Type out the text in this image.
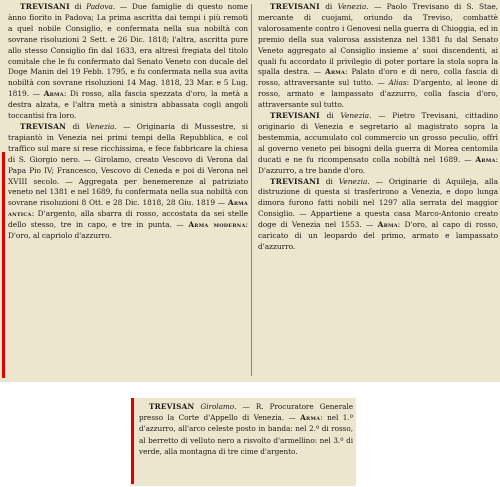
TREVISANI di Padova. — Due famiglie di questo nome ànno fiorito in Padova; La prima ascritta dai tempi i più remoti a quel nobile Consiglio, e confermata nella sua nobiltà con sovrane risoluzioni 2 Sett. e 26 Dic. 1818; l'altra, ascritta pure allo stesso Consiglio fin dal 1633, era altresì fregiata del titolo comitale che le fu confermato dal Senato Veneto con ducale del Doge Manin del 19 Febb. 1795, e fu confermata nella sua avita nobiltà con sovrane risoluzioni 14 Mag. 1818, 23 Mar. e 5 Lug. 1819. — Arma: Di rosso, alla fascia spezzata d'oro, la metà a destra alzata, e l'altra metà a sinistra abbassata cogli angoli toccantisi fra loro.

TREVISAN di Venezia. — Originaria di Mussestre, si trapiantò in Venezia nei primi tempi della Repubblica, e col traffico sul mare si rese ricchissima, e fece fabbricare la chiesa di S. Giorgio nero. — Girolamo, creato Vescovo di Verona dal Papa Pio IV; Francesco, Vescovo di Ceneda e poi di Verona nel XVIII secolo. — Aggregata per benemerenze al patriziato veneto nel 1381 e nel 1689, fu confermata nella sua nobiltà con sovrane risoluzioni 8 Ott. e 28 Dic. 1818, 28 Giu. 1819 — Arma antica: D'argento, alla sbarra di rosso, accostata da sei stelle dello stesso, tre in capo, e tre in punta. — Arma moderna: D'oro, al capriolo d'azzurro.

TREVISANI di Venezia. — Paolo Trevisano di S. Stae, mercante di cuojami, oriundo da Treviso, combattè valorosamente contro i Genovesi nella guerra di Chioggia, ed in premio della sua valorosa assistenza nel 1381 fu dal Senato Veneto aggregato al Consiglio insieme a' suoi discendenti, ai quali fu accordato il privilegio di poter portare la stola sopra la spalla destra. — Arma: Palato d'oro e di nero, colla fascia di rosso, attraversante sul tutto. — Alias: D'argento, al leone di rosso, armato e lampassato d'azzurro, colla fascia d'oro, attraversante sul tutto.

TREVISANI di Venezia. — Pietro Trevisani, cittadino originario di Venezia e segretario al magistrato sopra la bestemmia, accumulato col commercio un grosso peculio, offrì al governo veneto pei bisogni della guerra di Morea centomila ducati e ne fu ricompensato colla nobiltà nel 1689. — Arma: D'azzurro, a tre bande d'oro.

TREVISANI di Venezia. — Originarie di Aquileja, alla distruzione di questa si trasferirono a Venezia, e dopo lunga dimora furono fatti nobili nel 1297 alla serrata del maggior Consiglio. — Appartiene a questa casa Marco-Antonio creato doge di Venezia nel 1553. — Arma: D'oro, al capo di rosso, caricato di un leopardo del primo, armato e lampassato d'azzurro.

TREVISAN Girolamo. — R. Procuratore Generale presso la Corte d'Appello di Venezia. — Arma: nel 1.º d'azzurro, all'arco celeste posto in banda: nel 2.º di rosso, al berretto di velluto nero a risvolto d'armellino: nel 3.º di verde, alla montagna di tre cime d'argento.
